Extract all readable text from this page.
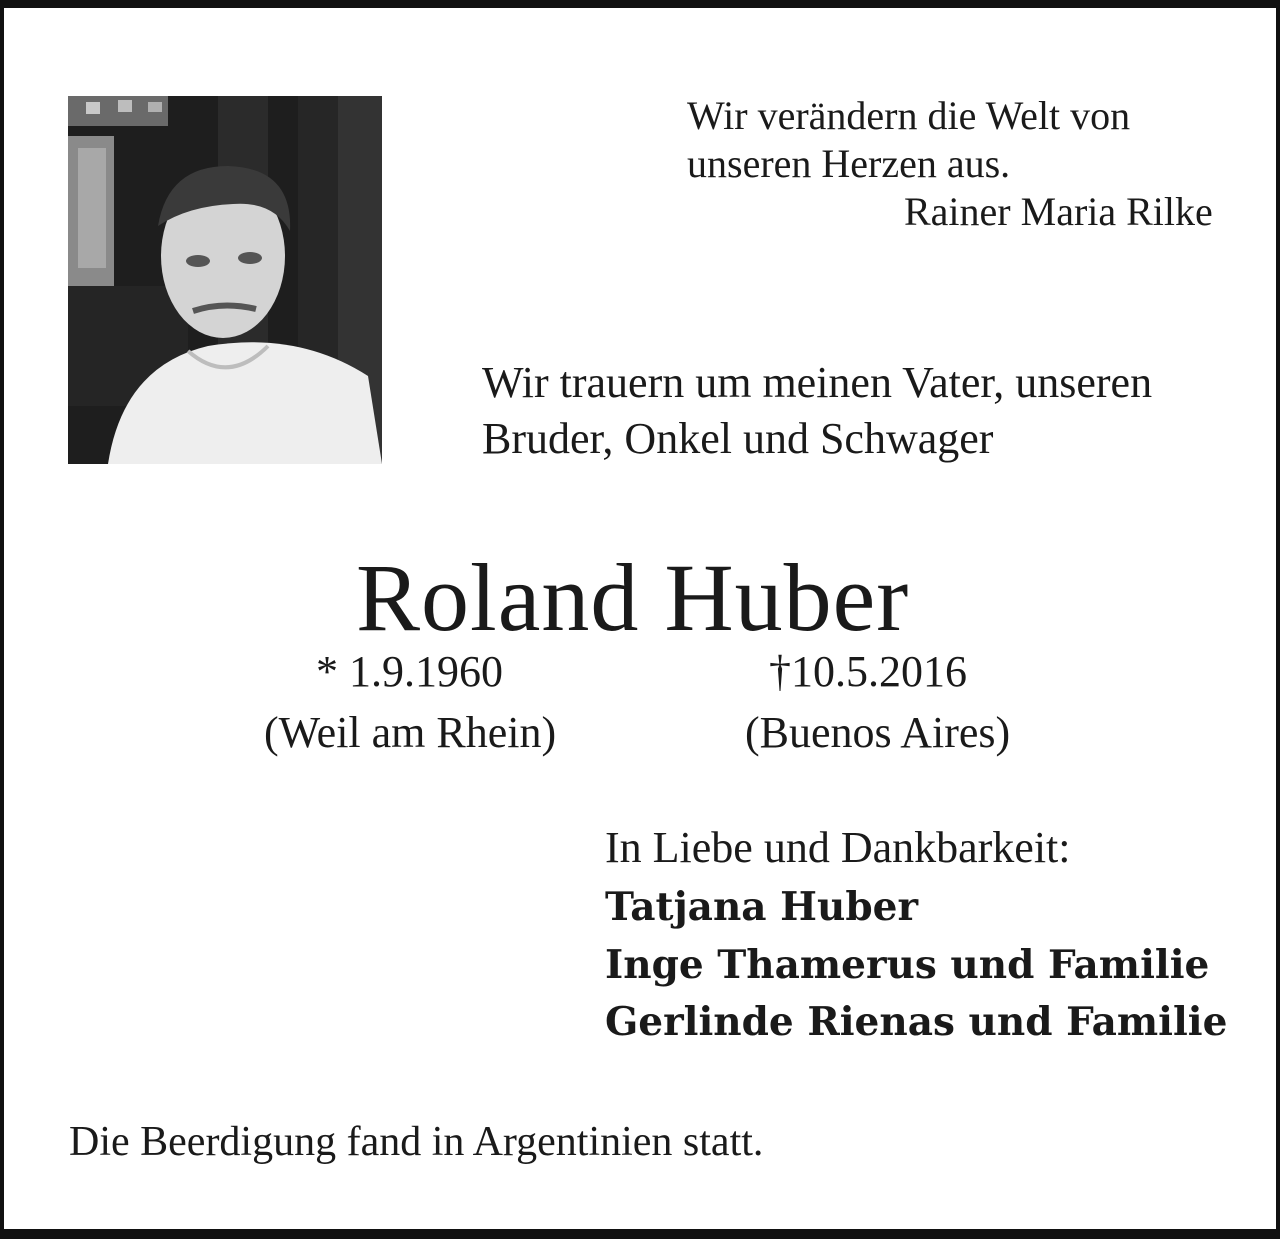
Wir verändern die Welt von
unseren Herzen aus.
Rainer Maria Rilke
Wir trauern um meinen Vater, unseren
Bruder, Onkel und Schwager
Roland Huber
* 1.9.1960	†10.5.2016
(Weil am Rhein)	(Buenos Aires)
In Liebe und Dankbarkeit:
Tatjana Huber
Inge Thamerus und Familie
Gerlinde Rienas und Familie
Die Beerdigung fand in Argentinien statt.
